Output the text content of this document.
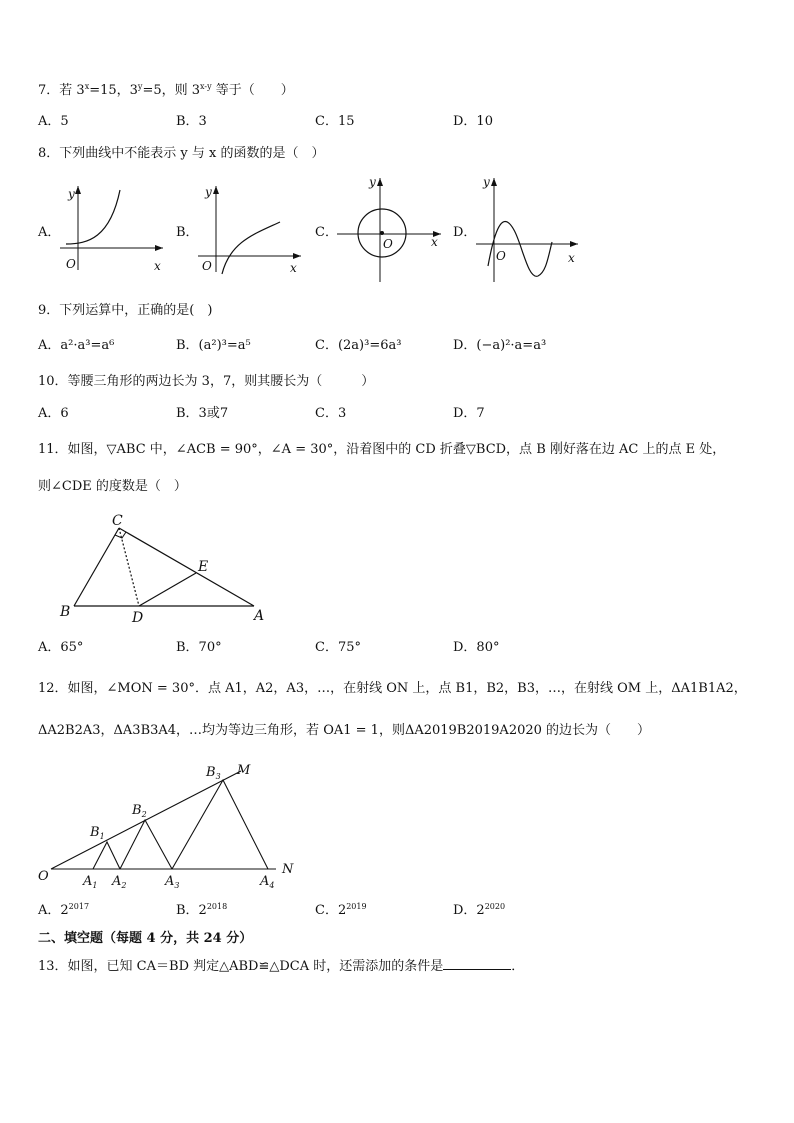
7．若 $3^x=15$，$3^y=5$，则 3$^{x-y}$ 等于（　　）
A．5	B．3	C．15	D．10
8．下列曲线中不能表示 y 与 x 的函数的是（　）
A．
y
O	x
B．
y
O	x
C．
y
O	x
D．
y
O	x
9．下列运算中，正确的是(　)
A．a²·a³=a⁶	B．(a²)³=a⁵	C．(2a)³=6a³	D．(−a)²·a=a³
10．等腰三角形的两边长为 3，7，则其腰长为（　　　）
A．6	B．3或7	C．3	D．7
11．如图，▽ABC 中，∠ACB = 90°，∠A = 30°，沿着图中的 CD 折叠▽BCD，点 B 刚好落在边 AC 上的点 E 处，
则∠CDE 的度数是（　）
C
E
B	D	A
A．65°	B．70°	C．75°	D．80°
12．如图，∠MON = 30°．点 A1，A2，A3，…，在射线 ON 上，点 B1，B2，B3，…，在射线 OM 上，ΔA1B1A2，
ΔA2B2A3，ΔA3B3A4，…均为等边三角形，若 OA1 = 1，则ΔA2019B2019A2020 的边长为（　　）
O
M
N
$A_1$ $A_2$	$A_3$	$A_4$
$B_1$
$B_2$
$B_3$
A．$2^{2017}$	B．$2^{2018}$	C．$2^{2019}$	D．$2^{2020}$
二、填空题（每题 4 分，共 24 分）
13．如图，已知 CA＝BD 判定△ABD≌△DCA 时，还需添加的条件是	．
